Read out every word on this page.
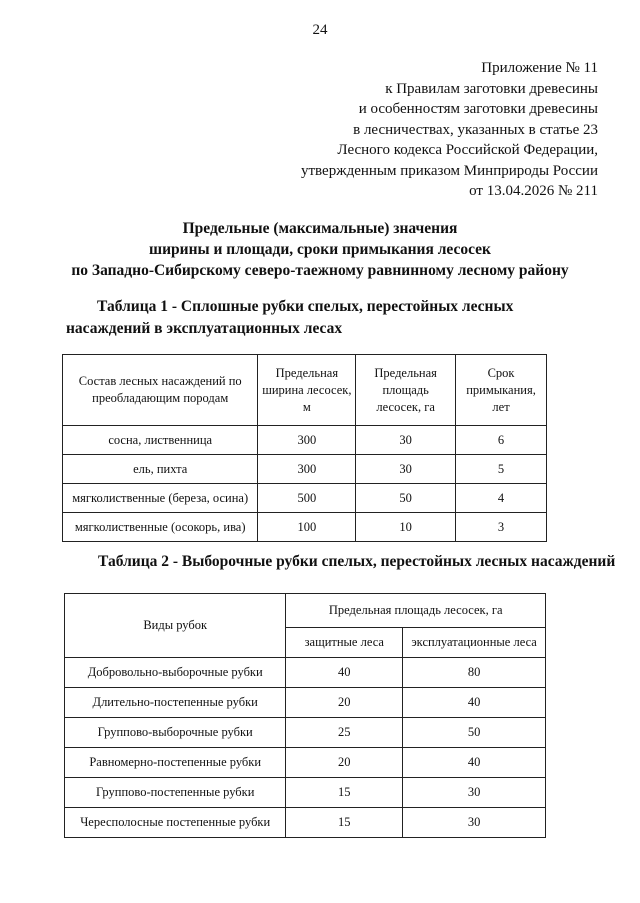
24
Приложение № 11
к Правилам заготовки древесины
и особенностям заготовки древесины
в лесничествах, указанных в статье 23
Лесного кодекса Российской Федерации,
утвержденным приказом Минприроды России
от 13.04.2026 № 211
Предельные (максимальные) значения
ширины и площади, сроки примыкания лесосек
по Западно-Сибирскому северо-таежному равнинному лесному району
Таблица 1 - Сплошные рубки спелых, перестойных лесных насаждений в эксплуатационных лесах
Состав лесных насаждений по преобладающим породам	Предельная ширина лесосек, м	Предельная площадь лесосек, га	Срок примыкания, лет
сосна, лиственница	300	30	6
ель, пихта	300	30	5
мягколиственные (береза, осина)	500	50	4
мягколиственные (осокорь, ива)	100	10	3
Таблица 2 - Выборочные рубки спелых, перестойных лесных насаждений
Виды рубок	Предельная площадь лесосек, га	
	защитные леса	эксплуатационные леса
Добровольно-выборочные рубки	40	80
Длительно-постепенные рубки	20	40
Группово-выборочные рубки	25	50
Равномерно-постепенные рубки	20	40
Группово-постепенные рубки	15	30
Чересполосные постепенные рубки	15	30
